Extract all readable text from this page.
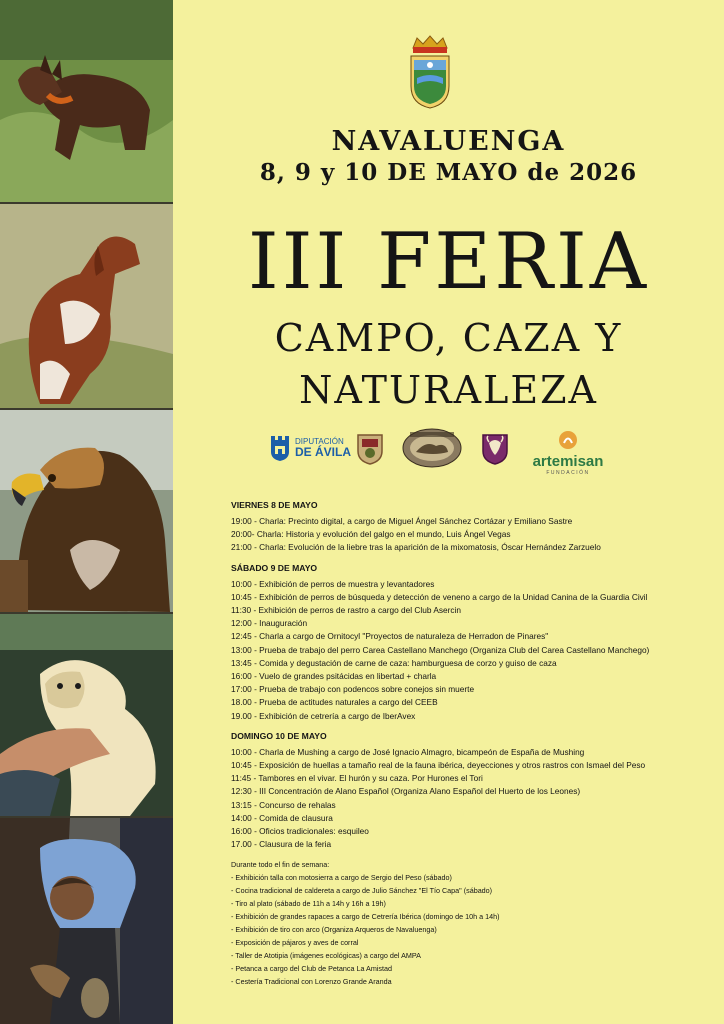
NAVALUENGA
8, 9 y 10 DE MAYO de 2026
III FERIA
CAMPO, CAZA Y
NATURALEZA
DIPUTACIÓN
DE ÁVILA
artemisan
FUNDACIÓN
VIERNES 8 DE MAYO
19:00 - Charla: Precinto digital, a cargo de Miguel Ángel Sánchez Cortázar y Emiliano Sastre
20:00- Charla: Historia y evolución del galgo en el mundo, Luis Ángel Vegas
21:00 - Charla: Evolución de la liebre tras la aparición de la mixomatosis, Óscar Hernández Zarzuelo
SÁBADO 9 DE MAYO
10:00 - Exhibición de perros de muestra y levantadores
10:45 - Exhibición de perros de búsqueda y detección de veneno a cargo de la Unidad Canina de la Guardia Civil
11:30 - Exhibición de perros de rastro a cargo del Club Asercin
12:00 - Inauguración
12:45 - Charla a cargo de Ornitocyl "Proyectos de naturaleza de Herradon de Pinares"
13:00 - Prueba de trabajo del perro Carea Castellano Manchego (Organiza Club del Carea Castellano Manchego)
13:45 - Comida y degustación de carne de caza: hamburguesa de corzo y guiso de caza
16:00 - Vuelo de grandes psitácidas en libertad + charla
17:00 - Prueba de trabajo con podencos sobre conejos sin muerte
18.00 - Prueba de actitudes naturales a cargo del CEEB
19.00 - Exhibición de cetrería a cargo de IberAvex
DOMINGO 10 DE MAYO
10:00 - Charla de Mushing a cargo de José Ignacio Almagro, bicampeón de España de Mushing
10:45 - Exposición de huellas a tamaño real de la fauna ibérica, deyecciones y otros rastros con Ismael del Peso
11:45 - Tambores en el vivar. El hurón y su caza. Por Hurones el Tori
12:30 - III Concentración de Alano Español (Organiza Alano Español del Huerto de los Leones)
13:15 - Concurso de rehalas
14:00 - Comida de clausura
16:00 - Oficios tradicionales: esquileo
17.00 - Clausura de la feria
Durante todo el fin de semana:
- Exhibición talla con motosierra a cargo de Sergio del Peso (sábado)
- Cocina tradicional de caldereta a cargo de Julio Sánchez "El Tío Capa" (sábado)
- Tiro al plato (sábado de 11h a 14h y 16h a 19h)
- Exhibición de grandes rapaces a cargo de Cetrería Ibérica (domingo de 10h a 14h)
- Exhibición de tiro con arco (Organiza Arqueros de Navaluenga)
- Exposición de pájaros y aves de corral
- Taller de Atotipia (imágenes ecológicas) a cargo del AMPA
- Petanca a cargo del Club de Petanca La Amistad
- Cestería Tradicional con Lorenzo Grande Aranda
